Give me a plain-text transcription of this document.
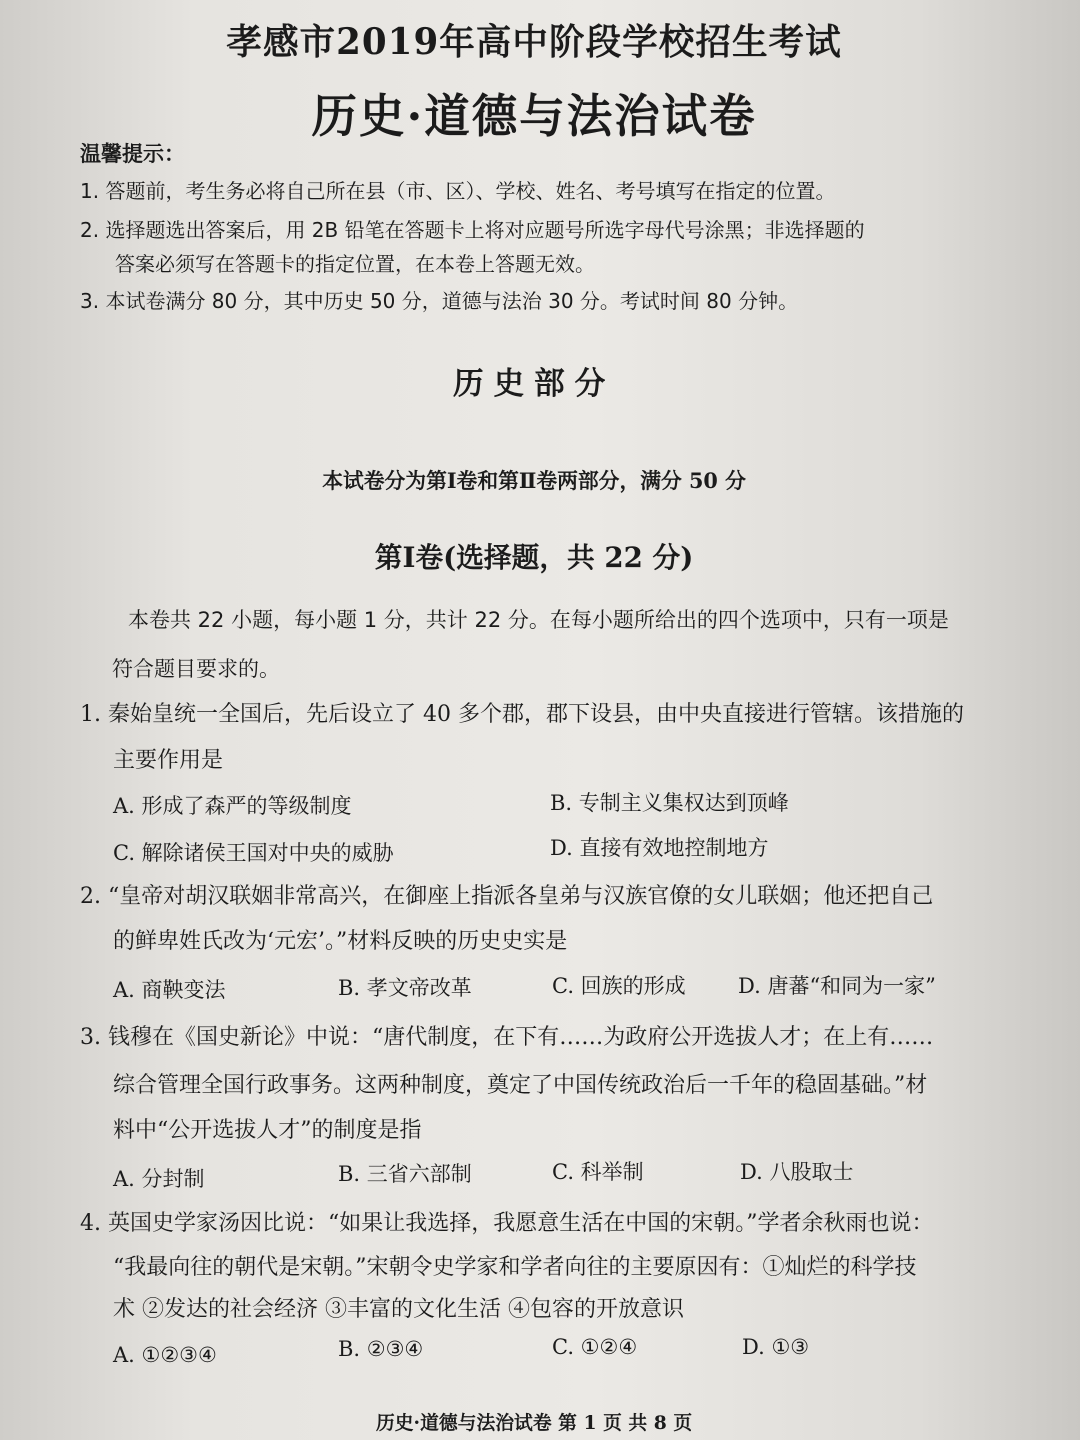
孝感市2019年高中阶段学校招生考试
历史·道德与法治试卷
温馨提示：
1. 答题前，考生务必将自己所在县（市、区）、学校、姓名、考号填写在指定的位置。
2. 选择题选出答案后，用 2B 铅笔在答题卡上将对应题号所选字母代号涂黑；非选择题的
答案必须写在答题卡的指定位置，在本卷上答题无效。
3. 本试卷满分 80 分，其中历史 50 分，道德与法治 30 分。考试时间 80 分钟。
历史部分
本试卷分为第Ⅰ卷和第Ⅱ卷两部分，满分 50 分
第Ⅰ卷(选择题，共 22 分)
本卷共 22 小题，每小题 1 分，共计 22 分。在每小题所给出的四个选项中，只有一项是
符合题目要求的。
1. 秦始皇统一全国后，先后设立了 40 多个郡，郡下设县，由中央直接进行管辖。该措施的
主要作用是
A. 形成了森严的等级制度	B. 专制主义集权达到顶峰
C. 解除诸侯王国对中央的威胁	D. 直接有效地控制地方
2. “皇帝对胡汉联姻非常高兴，在御座上指派各皇弟与汉族官僚的女儿联姻；他还把自己
的鲜卑姓氏改为‘元宏’。”材料反映的历史史实是
A. 商鞅变法	B. 孝文帝改革	C. 回族的形成 D. 唐蕃“和同为一家”
3. 钱穆在《国史新论》中说：“唐代制度，在下有……为政府公开选拔人才；在上有……
综合管理全国行政事务。这两种制度，奠定了中国传统政治后一千年的稳固基础。”材
料中“公开选拔人才”的制度是指
A. 分封制	B. 三省六部制	C. 科举制	D. 八股取士
4. 英国史学家汤因比说：“如果让我选择，我愿意生活在中国的宋朝。”学者余秋雨也说：
“我最向往的朝代是宋朝。”宋朝令史学家和学者向往的主要原因有：①灿烂的科学技
术 ②发达的社会经济 ③丰富的文化生活 ④包容的开放意识
A. ①②③④	B. ②③④	C. ①②④	D. ①③
历史·道德与法治试卷 第 1 页 共 8 页
